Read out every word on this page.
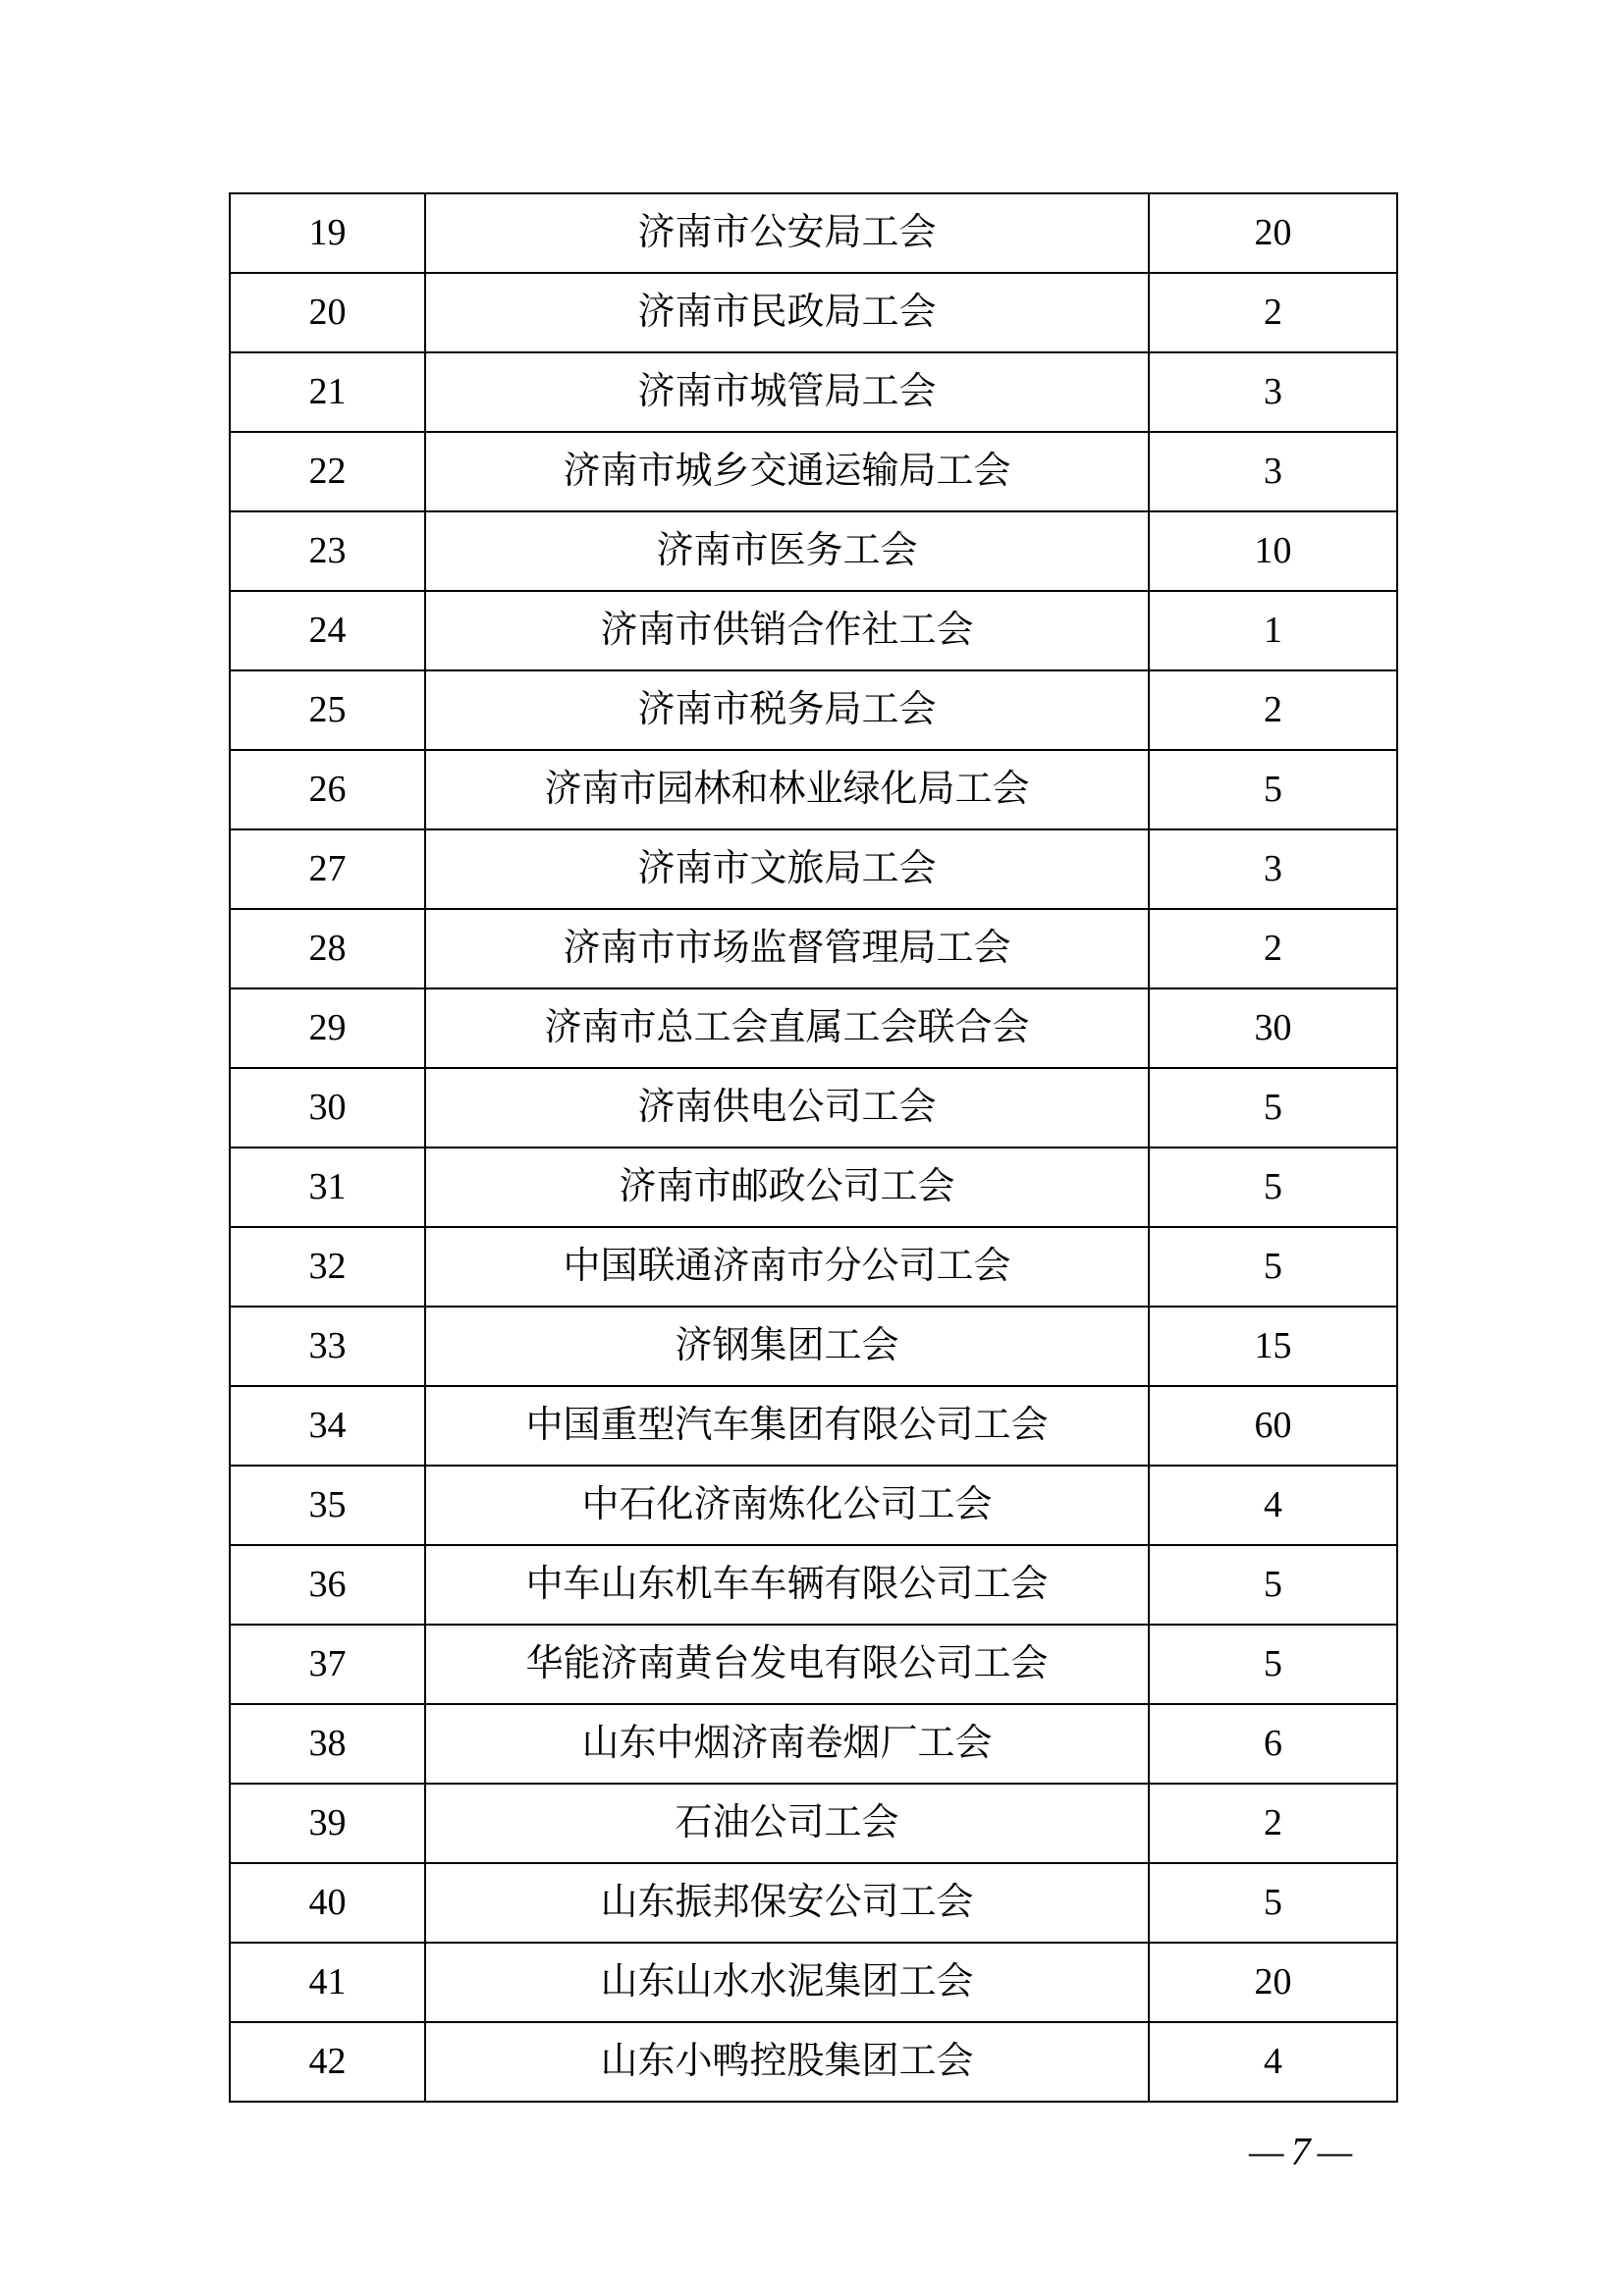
19	济南市公安局工会	20
20	济南市民政局工会	2
21	济南市城管局工会	3
22	济南市城乡交通运输局工会	3
23	济南市医务工会	10
24	济南市供销合作社工会	1
25	济南市税务局工会	2
26	济南市园林和林业绿化局工会	5
27	济南市文旅局工会	3
28	济南市市场监督管理局工会	2
29	济南市总工会直属工会联合会	30
30	济南供电公司工会	5
31	济南市邮政公司工会	5
32	中国联通济南市分公司工会	5
33	济钢集团工会	15
34	中国重型汽车集团有限公司工会	60
35	中石化济南炼化公司工会	4
36	中车山东机车车辆有限公司工会	5
37	华能济南黄台发电有限公司工会	5
38	山东中烟济南卷烟厂工会	6
39	石油公司工会	2
40	山东振邦保安公司工会	5
41	山东山水水泥集团工会	20
42	山东小鸭控股集团工会	4
—7—
